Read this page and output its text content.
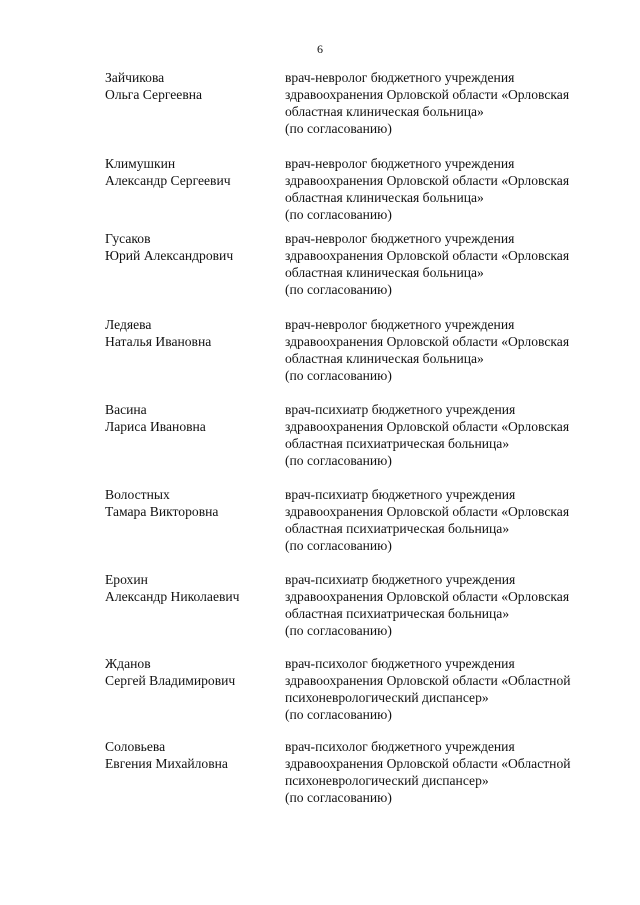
6
Зайчикова
Ольга Сергеевна
врач-невролог бюджетного учреждения
здравоохранения Орловской области «Орловская
областная клиническая больница»
(по согласованию)
Климушкин
Александр Сергеевич
врач-невролог бюджетного учреждения
здравоохранения Орловской области «Орловская
областная клиническая больница»
(по согласованию)
Гусаков
Юрий Александрович
врач-невролог бюджетного учреждения
здравоохранения Орловской области «Орловская
областная клиническая больница»
(по согласованию)
Ледяева
Наталья Ивановна
врач-невролог бюджетного учреждения
здравоохранения Орловской области «Орловская
областная клиническая больница»
(по согласованию)
Васина
Лариса Ивановна
врач-психиатр бюджетного учреждения
здравоохранения Орловской области «Орловская
областная психиатрическая больница»
(по согласованию)
Волостных
Тамара Викторовна
врач-психиатр бюджетного учреждения
здравоохранения Орловской области «Орловская
областная психиатрическая больница»
(по согласованию)
Ерохин
Александр Николаевич
врач-психиатр бюджетного учреждения
здравоохранения Орловской области «Орловская
областная психиатрическая больница»
(по согласованию)
Жданов
Сергей Владимирович
врач-психолог бюджетного учреждения
здравоохранения Орловской области «Областной
психоневрологический диспансер»
(по согласованию)
Соловьева
Евгения Михайловна
врач-психолог бюджетного учреждения
здравоохранения Орловской области «Областной
психоневрологический диспансер»
(по согласованию)
